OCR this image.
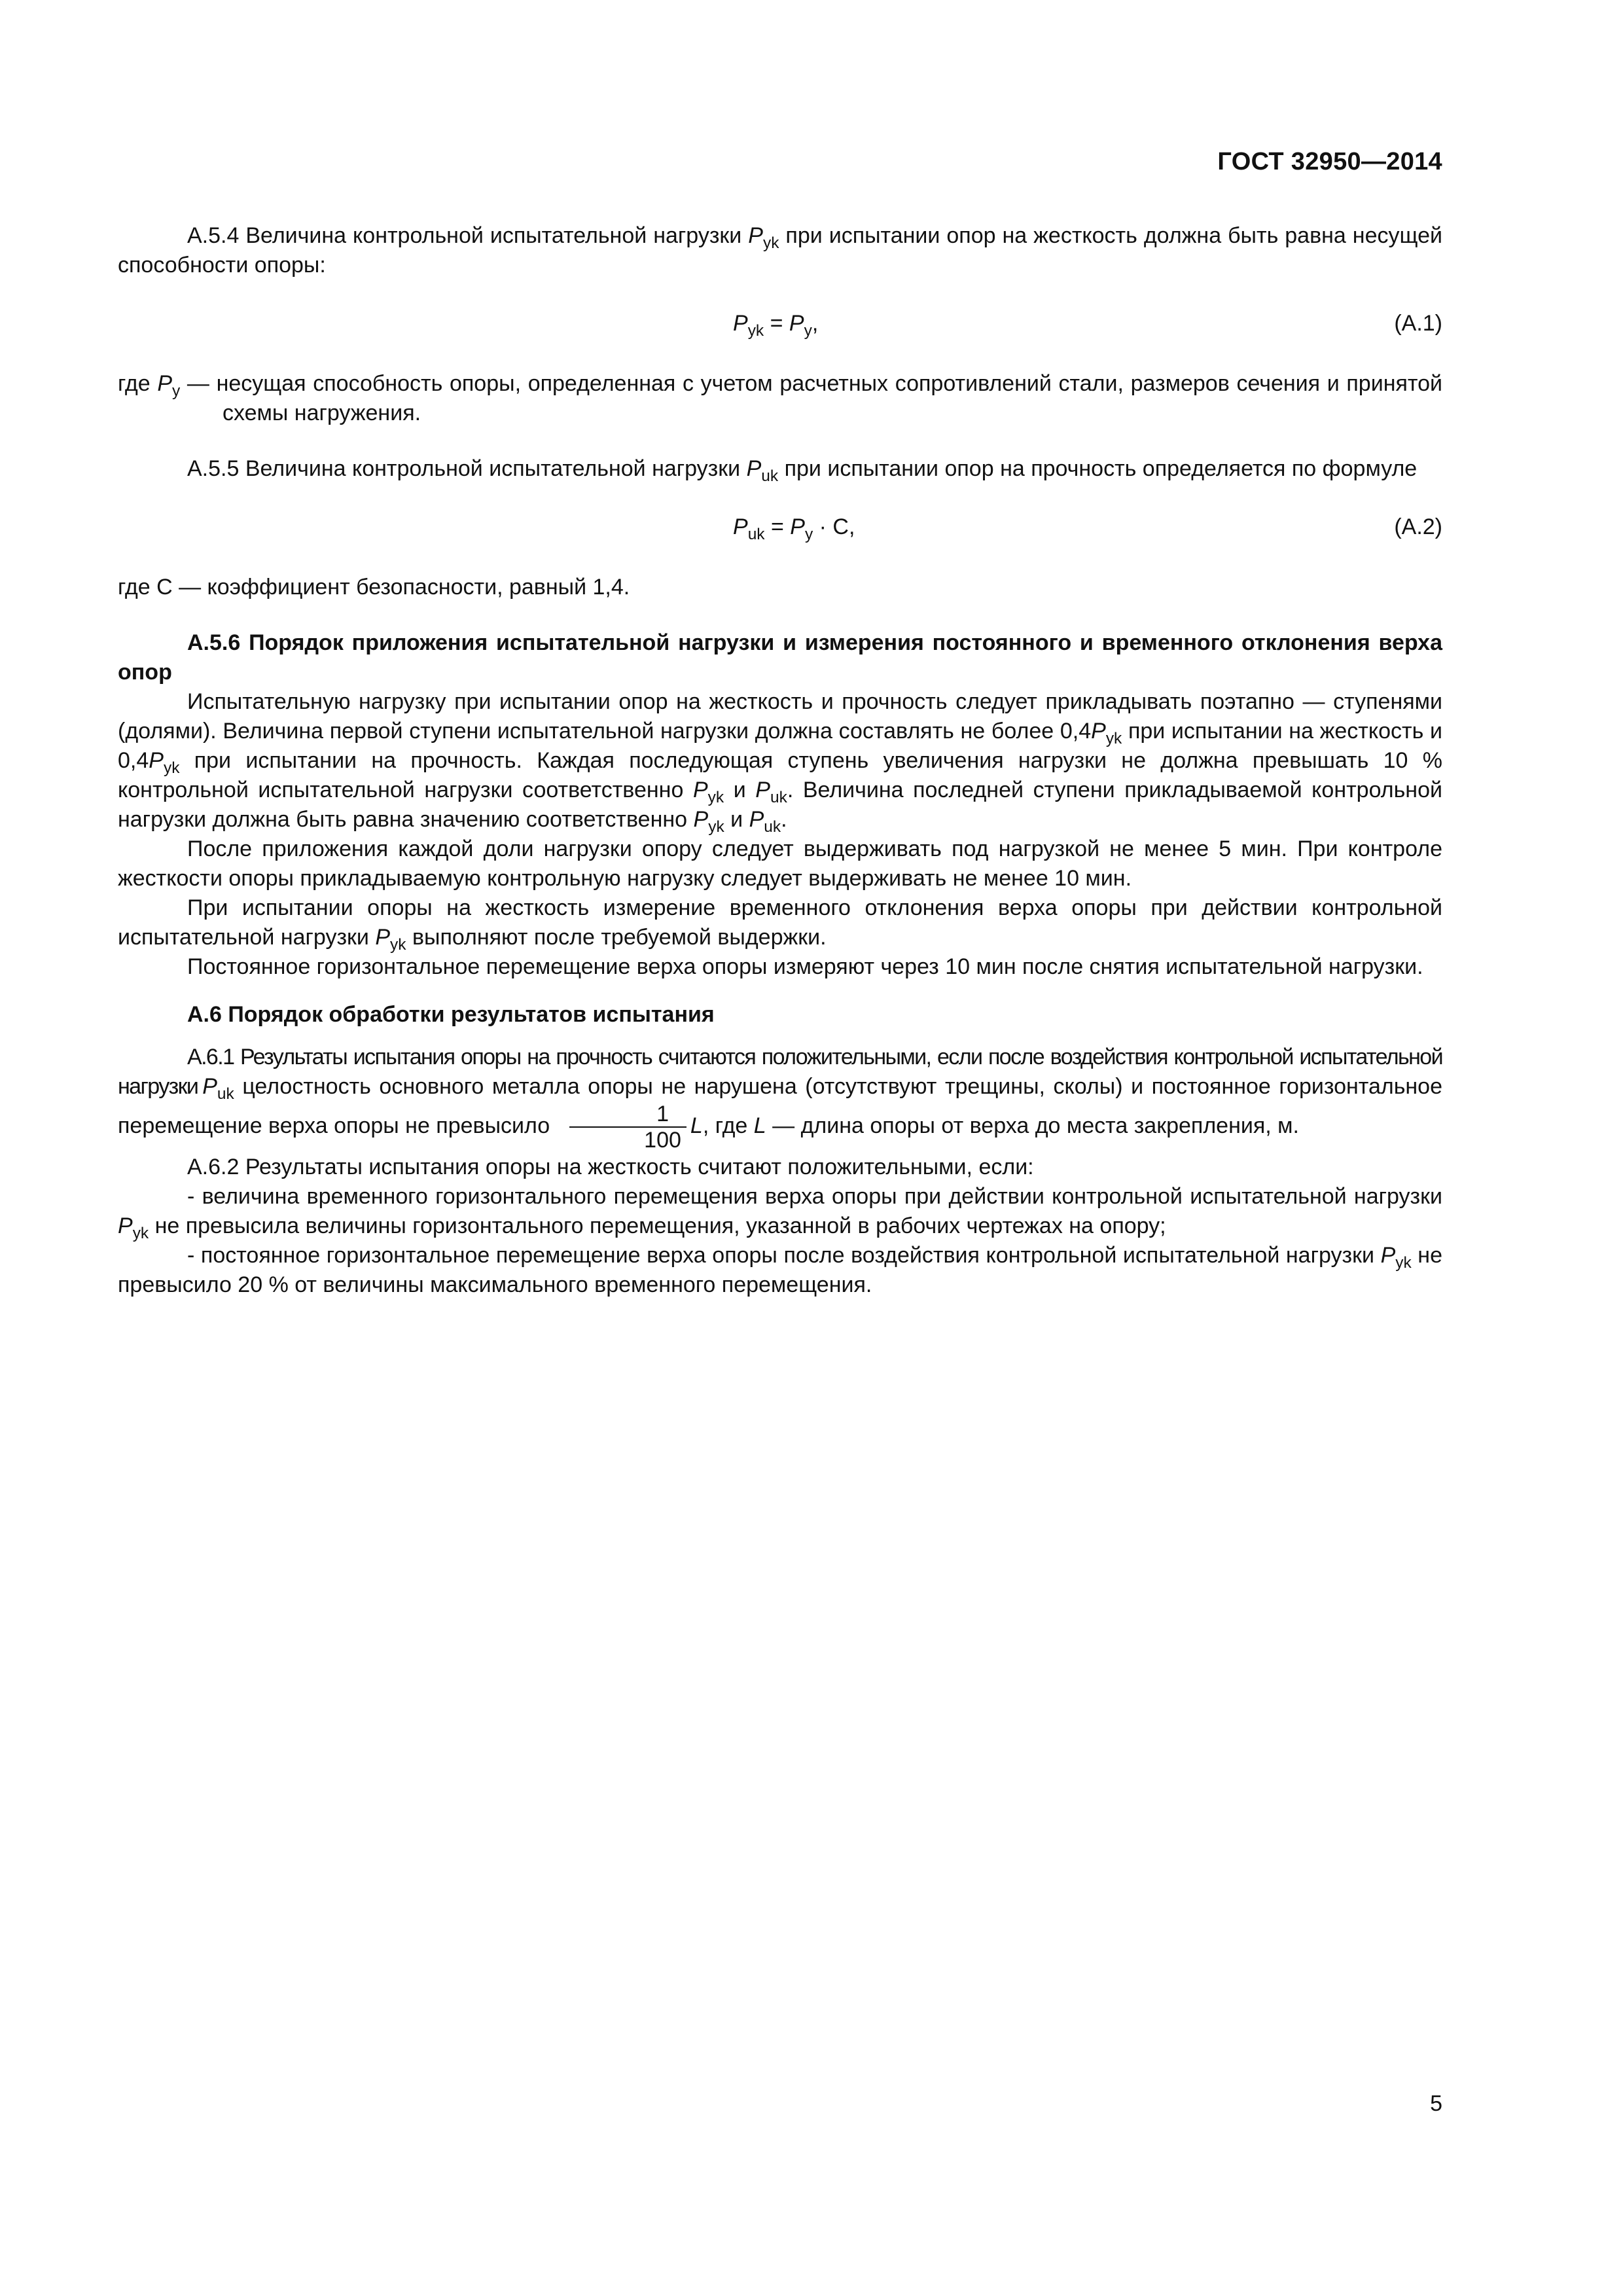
ГОСТ 32950—2014

А.5.4 Величина контрольной испытательной нагрузки $P_{yk}$ при испытании опор на жесткость должна быть равна несущей способности опоры:

$P_{yk} = P_y$,	(А.1)

где $P_y$ — несущая способность опоры, определенная с учетом расчетных сопротивлений стали, размеров сечения и принятой схемы нагружения.

А.5.5 Величина контрольной испытательной нагрузки $P_{uk}$ при испытании опор на прочность определяется по формуле

$P_{uk} = P_y \cdot С$,	(А.2)

где С — коэффициент безопасности, равный 1,4.

А.5.6 Порядок приложения испытательной нагрузки и измерения постоянного и временного отклонения верха опор

Испытательную нагрузку при испытании опор на жесткость и прочность следует прикладывать поэтапно — ступенями (долями). Величина первой ступени испытательной нагрузки должна составлять не более $0,4P_{yk}$ при испытании на жесткость и $0,4P_{yk}$ при испытании на прочность. Каждая последующая ступень увеличения нагрузки не должна превышать 10 % контрольной испытательной нагрузки соответственно $P_{yk}$ и $P_{uk}$. Величина последней ступени прикладываемой контрольной нагрузки должна быть равна значению соответственно $P_{yk}$ и $P_{uk}$.

После приложения каждой доли нагрузки опору следует выдерживать под нагрузкой не менее 5 мин. При контроле жесткости опоры прикладываемую контрольную нагрузку следует выдерживать не менее 10 мин.

При испытании опоры на жесткость измерение временного отклонения верха опоры при действии контрольной испытательной нагрузки $P_{yk}$ выполняют после требуемой выдержки.

Постоянное горизонтальное перемещение верха опоры измеряют через 10 мин после снятия испытательной нагрузки.

А.6 Порядок обработки результатов испытания

А.6.1 Результаты испытания опоры на прочность считаются положительными, если после воздействия контрольной испытательной нагрузки $P_{uk}$ целостность основного металла опоры не нарушена (отсутствуют трещины, сколы) и постоянное горизонтальное перемещение верха опоры не превысило $\frac{1}{100} L$, где L — длина опоры от верха до места закрепления, м.

А.6.2 Результаты испытания опоры на жесткость считают положительными, если:

- величина временного горизонтального перемещения верха опоры при действии контрольной испытательной нагрузки $P_{yk}$ не превысила величины горизонтального перемещения, указанной в рабочих чертежах на опору;

- постоянное горизонтальное перемещение верха опоры после воздействия контрольной испытательной нагрузки $P_{yk}$ не превысило 20 % от величины максимального временного перемещения.

5
